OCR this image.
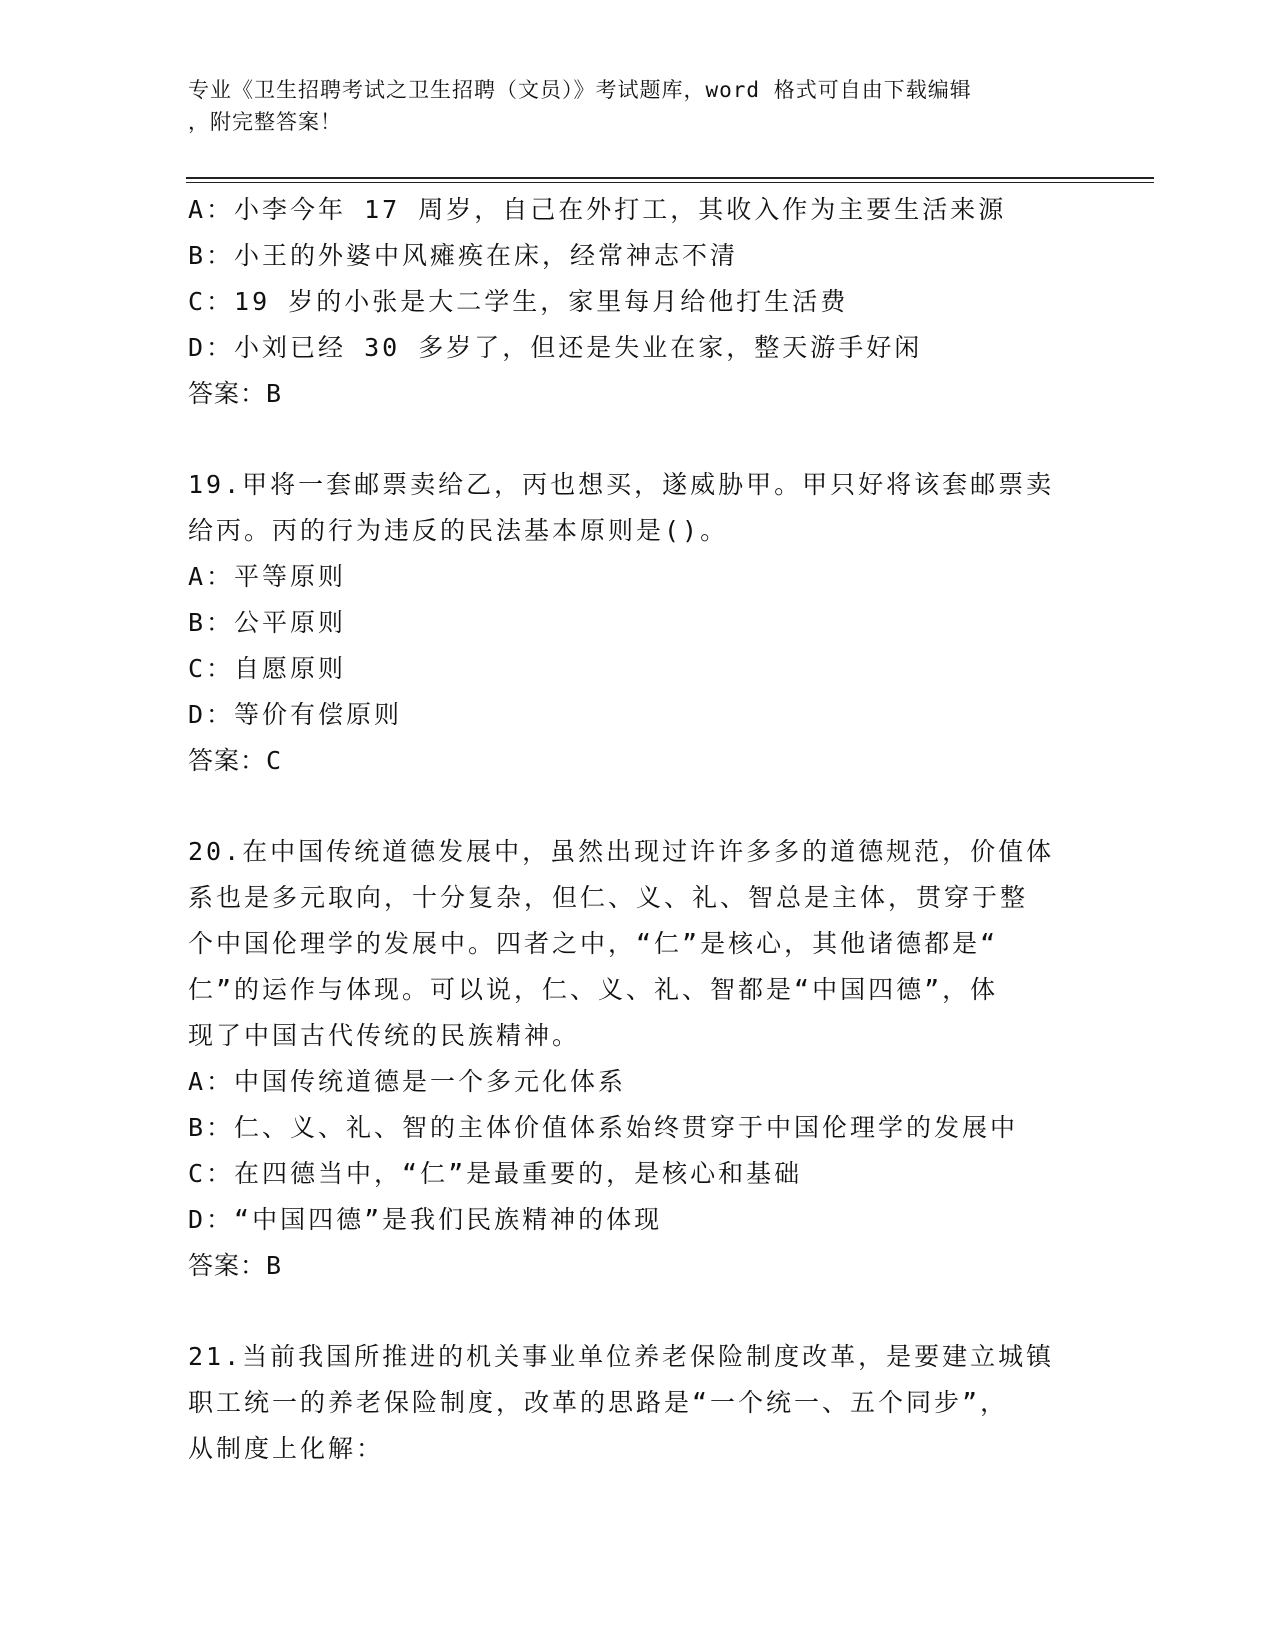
专业《卫生招聘考试之卫生招聘（文员）》考试题库，word 格式可自由下载编辑
，附完整答案！
A：小李今年 17 周岁，自己在外打工，其收入作为主要生活来源
B：小王的外婆中风瘫痪在床，经常神志不清
C：19 岁的小张是大二学生，家里每月给他打生活费
D：小刘已经 30 多岁了，但还是失业在家，整天游手好闲
答案：B
19.甲将一套邮票卖给乙，丙也想买，遂威胁甲。甲只好将该套邮票卖
给丙。丙的行为违反的民法基本原则是()。
A：平等原则
B：公平原则
C：自愿原则
D：等价有偿原则
答案：C
20.在中国传统道德发展中，虽然出现过许许多多的道德规范，价值体
系也是多元取向，十分复杂，但仁、义、礼、智总是主体，贯穿于整
个中国伦理学的发展中。四者之中，“仁”是核心，其他诸德都是“
仁”的运作与体现。可以说，仁、义、礼、智都是“中国四德”，体
现了中国古代传统的民族精神。
A：中国传统道德是一个多元化体系
B：仁、义、礼、智的主体价值体系始终贯穿于中国伦理学的发展中
C：在四德当中，“仁”是最重要的，是核心和基础
D：“中国四德”是我们民族精神的体现
答案：B
21.当前我国所推进的机关事业单位养老保险制度改革，是要建立城镇
职工统一的养老保险制度，改革的思路是“一个统一、五个同步”，
从制度上化解：
